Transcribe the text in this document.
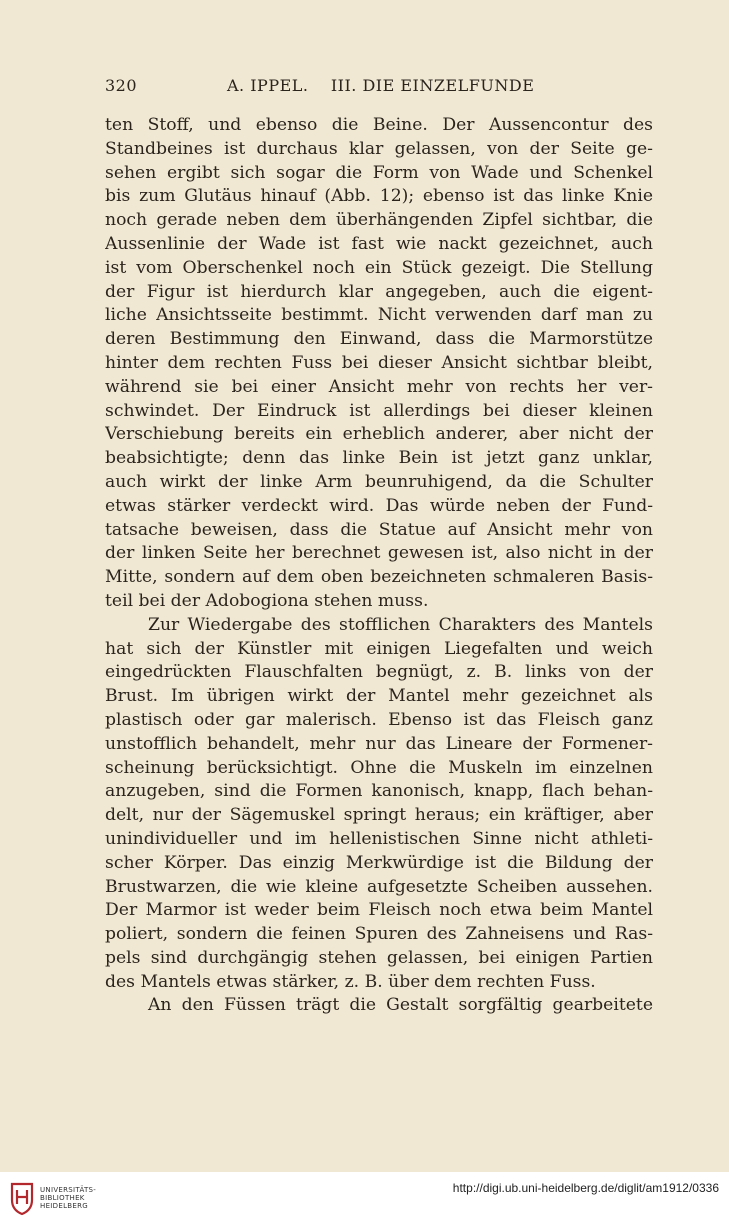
320	A. IPPEL.    III. DIE EINZELFUNDE
ten Stoff, und ebenso die Beine. Der Aussencontur des
Standbeines ist durchaus klar gelassen, von der Seite ge-
sehen ergibt sich sogar die Form von Wade und Schenkel
bis zum Glutäus hinauf (Abb. 12); ebenso ist das linke Knie
noch gerade neben dem überhängenden Zipfel sichtbar, die
Aussenlinie der Wade ist fast wie nackt gezeichnet, auch
ist vom Oberschenkel noch ein Stück gezeigt. Die Stellung
der Figur ist hierdurch klar angegeben, auch die eigent-
liche Ansichtsseite bestimmt. Nicht verwenden darf man zu
deren Bestimmung den Einwand, dass die Marmorstütze
hinter dem rechten Fuss bei dieser Ansicht sichtbar bleibt,
während sie bei einer Ansicht mehr von rechts her ver-
schwindet. Der Eindruck ist allerdings bei dieser kleinen
Verschiebung bereits ein erheblich anderer, aber nicht der
beabsichtigte; denn das linke Bein ist jetzt ganz unklar,
auch wirkt der linke Arm beunruhigend, da die Schulter
etwas stärker verdeckt wird. Das würde neben der Fund-
tatsache beweisen, dass die Statue auf Ansicht mehr von
der linken Seite her berechnet gewesen ist, also nicht in der
Mitte, sondern auf dem oben bezeichneten schmaleren Basis-
teil bei der Adobogiona stehen muss.
Zur Wiedergabe des stofflichen Charakters des Mantels
hat sich der Künstler mit einigen Liegefalten und weich
eingedrückten Flauschfalten begnügt, z. B. links von der
Brust. Im übrigen wirkt der Mantel mehr gezeichnet als
plastisch oder gar malerisch. Ebenso ist das Fleisch ganz
unstofflich behandelt, mehr nur das Lineare der Formener-
scheinung berücksichtigt. Ohne die Muskeln im einzelnen
anzugeben, sind die Formen kanonisch, knapp, flach behan-
delt, nur der Sägemuskel springt heraus; ein kräftiger, aber
unindividueller und im hellenistischen Sinne nicht athleti-
scher Körper. Das einzig Merkwürdige ist die Bildung der
Brustwarzen, die wie kleine aufgesetzte Scheiben aussehen.
Der Marmor ist weder beim Fleisch noch etwa beim Mantel
poliert, sondern die feinen Spuren des Zahneisens und Ras-
pels sind durchgängig stehen gelassen, bei einigen Partien
des Mantels etwas stärker, z. B. über dem rechten Fuss.
An den Füssen trägt die Gestalt sorgfältig gearbeitete
UNIVERSITÄTS-
BIBLIOTHEK
HEIDELBERG
http://digi.ub.uni-heidelberg.de/diglit/am1912/0336
